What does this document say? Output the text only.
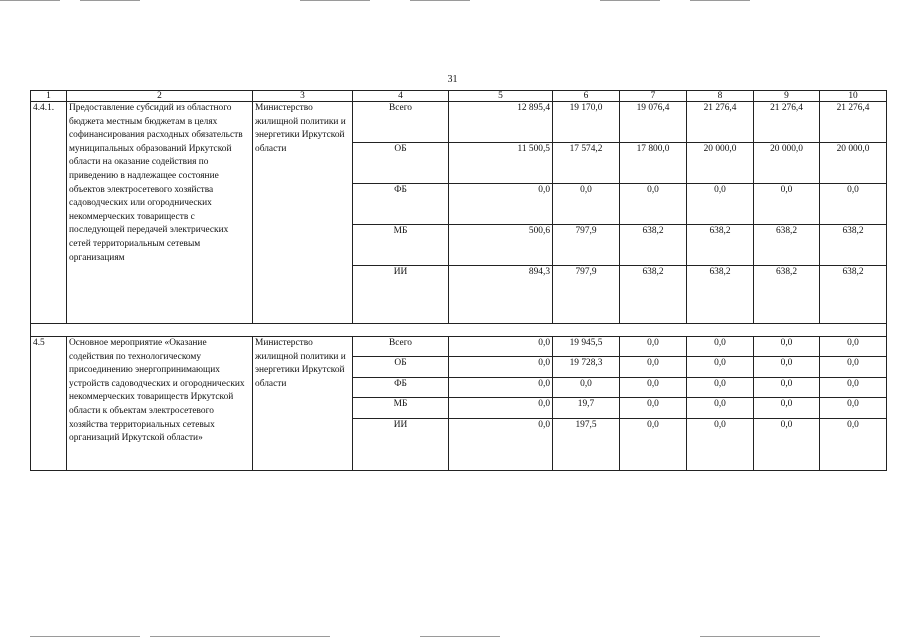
31
1	2	3	4	5	6	7	8	9	10
4.4.1.	Предоставление субсидий из областного бюджета местным бюджетам в целях софинансирования расходных обязательств муниципальных образований Иркутской области на оказание содействия по приведению в надлежащее состояние объектов электросетевого хозяйства садоводческих или огороднических некоммерческих товариществ с последующей передачей электрических сетей территориальным сетевым организациям	Министерство жилищной политики и энергетики Иркутской области	Всего	12 895,4	19 170,0	19 076,4	21 276,4	21 276,4	21 276,4
			ОБ	11 500,5	17 574,2	17 800,0	20 000,0	20 000,0	20 000,0
			ФБ	0,0	0,0	0,0	0,0	0,0	0,0
			МБ	500,6	797,9	638,2	638,2	638,2	638,2
			ИИ	894,3	797,9	638,2	638,2	638,2	638,2

4.5	Основное мероприятие «Оказание содействия по технологическому присоединению энергопринимающих устройств садоводческих и огороднических некоммерческих товариществ Иркутской области к объектам электросетевого хозяйства территориальных сетевых организаций Иркутской области»	Министерство жилищной политики и энергетики Иркутской области	Всего	0,0	19 945,5	0,0	0,0	0,0	0,0
			ОБ	0,0	19 728,3	0,0	0,0	0,0	0,0
			ФБ	0,0	0,0	0,0	0,0	0,0	0,0
			МБ	0,0	19,7	0,0	0,0	0,0	0,0
			ИИ	0,0	197,5	0,0	0,0	0,0	0,0
